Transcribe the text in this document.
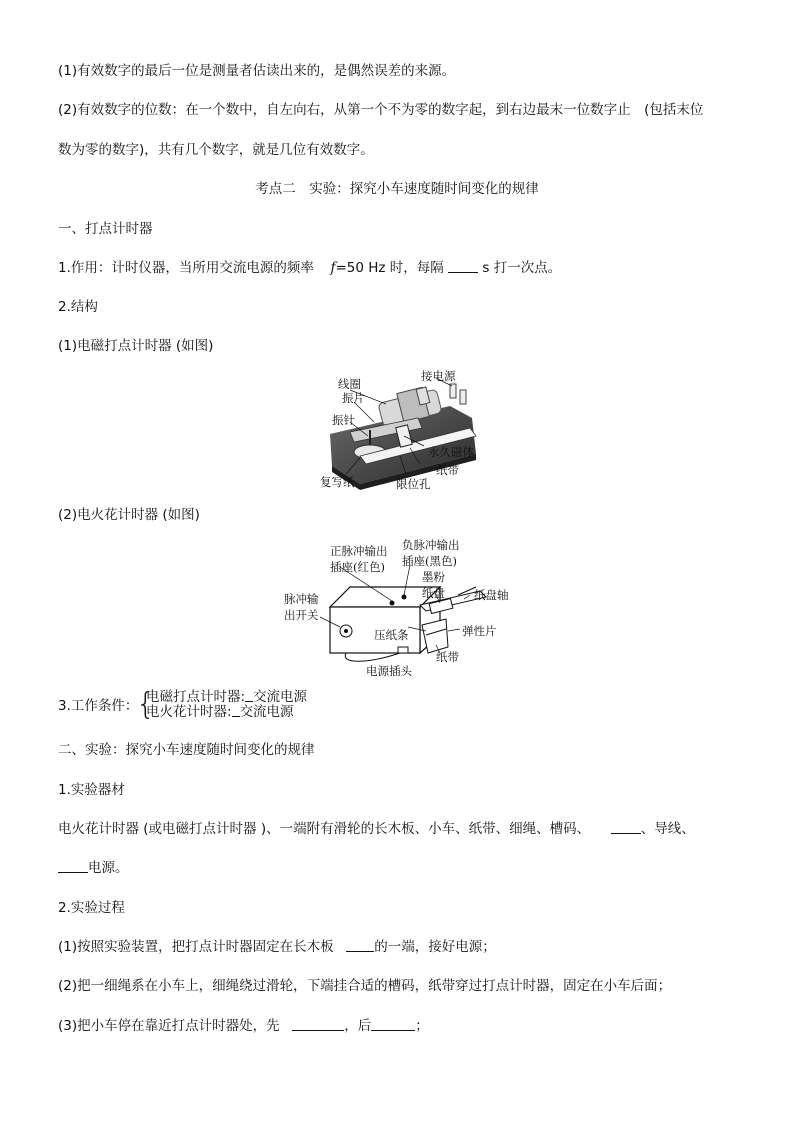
(1)有效数字的最后一位是测量者估读出来的，是偶然误差的来源。
(2)有效数字的位数：在一个数中，自左向右，从第一个不为零的数字起，到右边最末一位数字止　(包括末位
数为零的数字)，共有几个数字，就是几位有效数字。
考点二　实验：探究小车速度随时间变化的规律
一、打点计时器
1.作用：计时仪器，当所用交流电源的频率 f=50 Hz 时，每隔	s 打一次点。
2.结构
(1)电磁打点计时器 (如图)
线圈
接电源
振片
振针
永久磁体
纸带
复写纸	限位孔
(2)电火花计时器 (如图)
正脉冲输出
插座(红色)
负脉冲输出
插座(黑色)
墨粉
纸盘	纸盘轴
脉冲输
出开关
压纸条	弹性片
纸带
电源插头
3.工作条件：
{
电磁打点计时器: 交流电源
电火花计时器: 交流电源
二、实验：探究小车速度随时间变化的规律
1.实验器材
电火花计时器 (或电磁打点计时器 )、一端附有滑轮的长木板、小车、纸带、细绳、槽码、	、导线、
电源。
2.实验过程
(1)按照实验装置，把打点计时器固定在长木板	的一端，接好电源；
(2)把一细绳系在小车上，细绳绕过滑轮，下端挂合适的槽码，纸带穿过打点计时器，固定在小车后面；
(3)把小车停在靠近打点计时器处，先	，后	；
